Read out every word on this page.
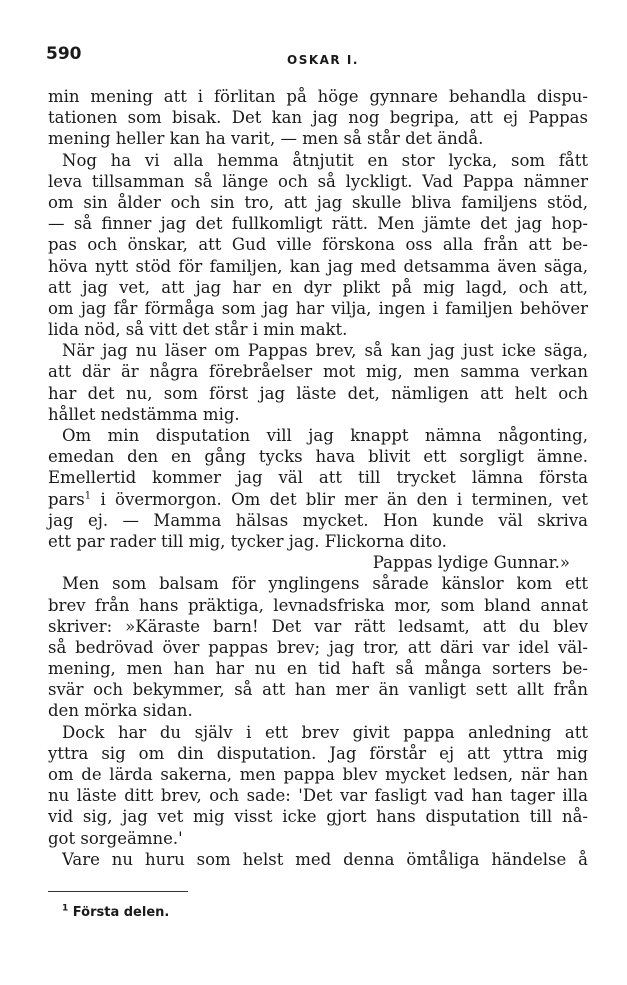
590	OSKAR I.
min mening att i förlitan på höge gynnare behandla dispu-
tationen som bisak. Det kan jag nog begripa, att ej Pappas
mening heller kan ha varit, — men så står det ändå.
Nog ha vi alla hemma åtnjutit en stor lycka, som fått
leva tillsamman så länge och så lyckligt. Vad Pappa nämner
om sin ålder och sin tro, att jag skulle bliva familjens stöd,
— så finner jag det fullkomligt rätt. Men jämte det jag hop-
pas och önskar, att Gud ville förskona oss alla från att be-
höva nytt stöd för familjen, kan jag med detsamma även säga,
att jag vet, att jag har en dyr plikt på mig lagd, och att,
om jag får förmåga som jag har vilja, ingen i familjen behöver
lida nöd, så vitt det står i min makt.
När jag nu läser om Pappas brev, så kan jag just icke säga,
att där är några förebråelser mot mig, men samma verkan
har det nu, som först jag läste det, nämligen att helt och
hållet nedstämma mig.
Om min disputation vill jag knappt nämna någonting,
emedan den en gång tycks hava blivit ett sorgligt ämne.
Emellertid kommer jag väl att till trycket lämna första
pars$^1$ i övermorgon. Om det blir mer än den i terminen, vet
jag ej. — Mamma hälsas mycket. Hon kunde väl skriva
ett par rader till mig, tycker jag. Flickorna dito.
Pappas lydige Gunnar.»
Men som balsam för ynglingens sårade känslor kom ett
brev från hans präktiga, levnadsfriska mor, som bland annat
skriver: »Käraste barn! Det var rätt ledsamt, att du blev
så bedrövad över pappas brev; jag tror, att däri var idel väl-
mening, men han har nu en tid haft så många sorters be-
svär och bekymmer, så att han mer än vanligt sett allt från
den mörka sidan.
Dock har du själv i ett brev givit pappa anledning att
yttra sig om din disputation. Jag förstår ej att yttra mig
om de lärda sakerna, men pappa blev mycket ledsen, när han
nu läste ditt brev, och sade: 'Det var fasligt vad han tager illa
vid sig, jag vet mig visst icke gjort hans disputation till nå-
got sorgeämne.'
Vare nu huru som helst med denna ömtåliga händelse å
$^1$ Första delen.
